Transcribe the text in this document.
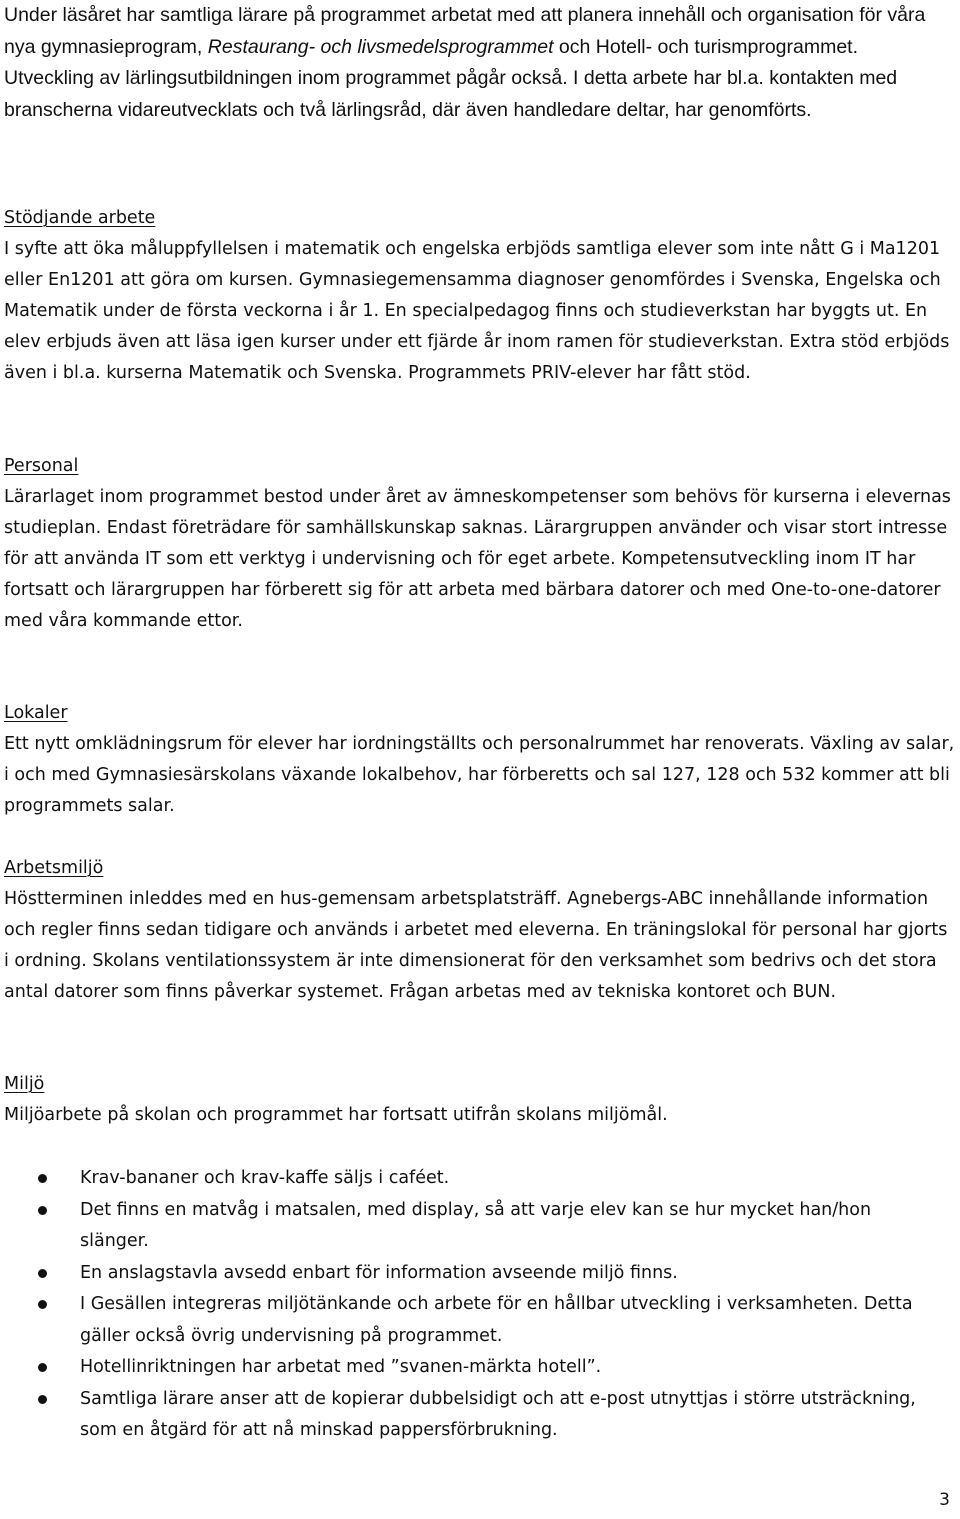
Under läsåret har samtliga lärare på programmet arbetat med att planera innehåll och organisation för våra nya gymnasieprogram, Restaurang- och livsmedelsprogrammet och Hotell- och turismprogrammet. Utveckling av lärlingsutbildningen inom programmet pågår också. I detta arbete har bl.a. kontakten med branscherna vidareutvecklats och två lärlingsråd, där även handledare deltar, har genomförts.

Stödjande arbete
I syfte att öka måluppfyllelsen i matematik och engelska erbjöds samtliga elever som inte nått G i Ma1201 eller En1201 att göra om kursen. Gymnasiegemensamma diagnoser genomfördes i Svenska, Engelska och Matematik under de första veckorna i år 1. En specialpedagog finns och studieverkstan har byggts ut. En elev erbjuds även att läsa igen kurser under ett fjärde år inom ramen för studieverkstan. Extra stöd erbjöds även i bl.a. kurserna Matematik och Svenska. Programmets PRIV-elever har fått stöd.
Personal
Lärarlaget inom programmet bestod under året av ämneskompetenser som behövs för kurserna i elevernas studieplan. Endast företrädare för samhällskunskap saknas. Lärargruppen använder och visar stort intresse för att använda IT som ett verktyg i undervisning och för eget arbete. Kompetensutveckling inom IT har fortsatt och lärargruppen har förberett sig för att arbeta med bärbara datorer och med One-to-one-datorer med våra kommande ettor.
Lokaler
Ett nytt omklädningsrum för elever har iordningställts och personalrummet har renoverats. Växling av salar, i och med Gymnasiesärskolans växande lokalbehov, har förberetts och sal 127, 128 och 532 kommer att bli programmets salar.
Arbetsmiljö
Höstterminen inleddes med en hus-gemensam arbetsplatsträff. Agnebergs-ABC innehållande information och regler finns sedan tidigare och används i arbetet med eleverna. En träningslokal för personal har gjorts i ordning. Skolans ventilationssystem är inte dimensionerat för den verksamhet som bedrivs och det stora antal datorer som finns påverkar systemet. Frågan arbetas med av tekniska kontoret och BUN.
Miljö
Miljöarbete på skolan och programmet har fortsatt utifrån skolans miljömål.
Krav-bananer och krav-kaffe säljs i caféet.
Det finns en matvåg i matsalen, med display, så att varje elev kan se hur mycket han/hon slänger.
En anslagstavla avsedd enbart för information avseende miljö finns.
I Gesällen integreras miljötänkande och arbete för en hållbar utveckling i verksamheten. Detta gäller också övrig undervisning på programmet.
Hotellinriktningen har arbetat med ”svanen-märkta hotell”.
Samtliga lärare anser att de kopierar dubbelsidigt och att e-post utnyttjas i större utsträckning, som en åtgärd för att nå minskad pappersförbrukning.
3
